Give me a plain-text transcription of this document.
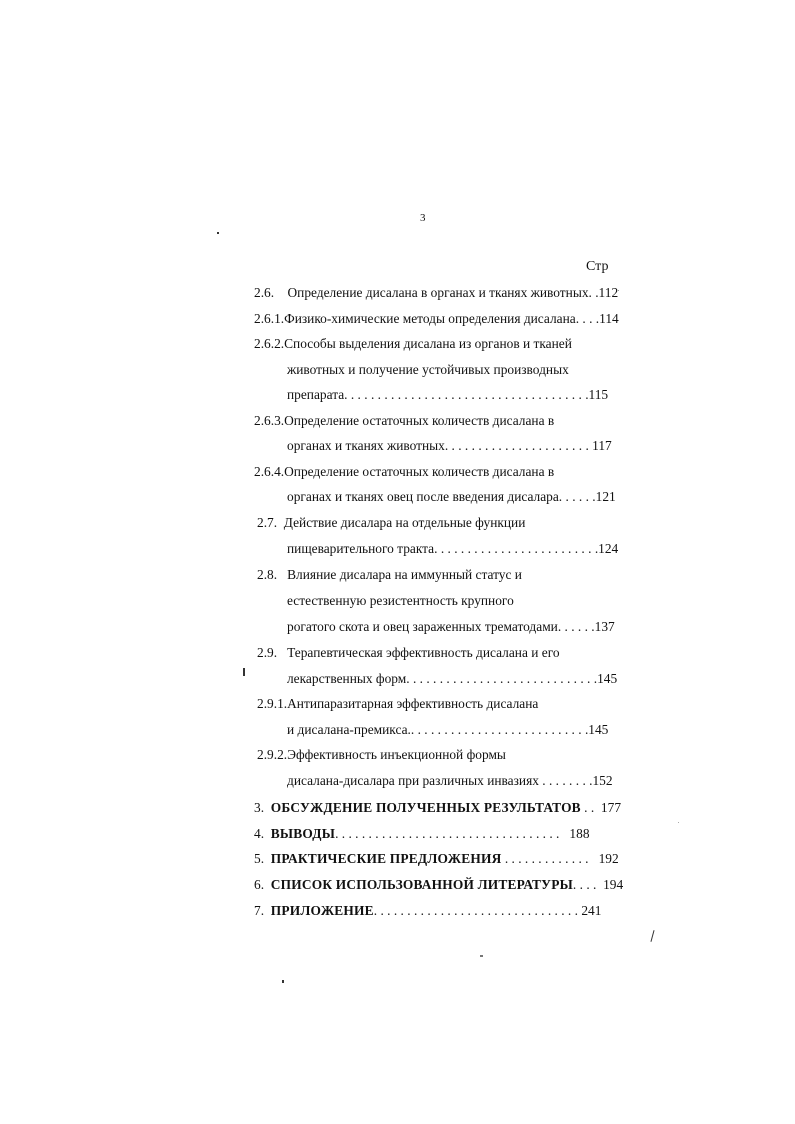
3
Стр
2.6.    Определение дисалана в органах и тканях животных. .112
2.6.1.Физико-химические методы определения дисалана. . . .114
2.6.2.Способы выделения дисалана из органов и тканей
животных и получение устойчивых производных
препарата. . . . . . . . . . . . . . . . . . . . . . . . . . . . . . . . . . . . .115
2.6.3.Определение остаточных количеств дисалана в
органах и тканях животных. . . . . . . . . . . . . . . . . . . . . . 117
2.6.4.Определение остаточных количеств дисалана в
органах и тканях овец после введения дисалара. . . . . .121
2.7.  Действие дисалара на отдельные функции
пищеварительного тракта. . . . . . . . . . . . . . . . . . . . . . . . .124
2.8.   Влияние дисалара на иммунный статус и
естественную резистентность крупного
рогатого скота и овец зараженных трематодами. . . . . .137
2.9.   Терапевтическая эффективность дисалана и его
лекарственных форм. . . . . . . . . . . . . . . . . . . . . . . . . . . . .145
2.9.1.Антипаразитарная эффективность дисалана
и дисалана-премикса.. . . . . . . . . . . . . . . . . . . . . . . . . . .145
2.9.2.Эффективность инъекционной формы
дисалана-дисалара при различных инвазиях . . . . . . . .152
3. ОБСУЖДЕНИЕ ПОЛУЧЕННЫХ РЕЗУЛЬТАТОВ . . 177
4. ВЫВОДЫ. . . . . . . . . . . . . . . . . . . . . . . . . . . . . . . . . . 188
5. ПРАКТИЧЕСКИЕ ПРЕДЛОЖЕНИЯ . . . . . . . . . . . . . 192
6. СПИСОК ИСПОЛЬЗОВАННОЙ ЛИТЕРАТУРЫ. . . . 194
7. ПРИЛОЖЕНИЕ. . . . . . . . . . . . . . . . . . . . . . . . . . . . . . . 241
